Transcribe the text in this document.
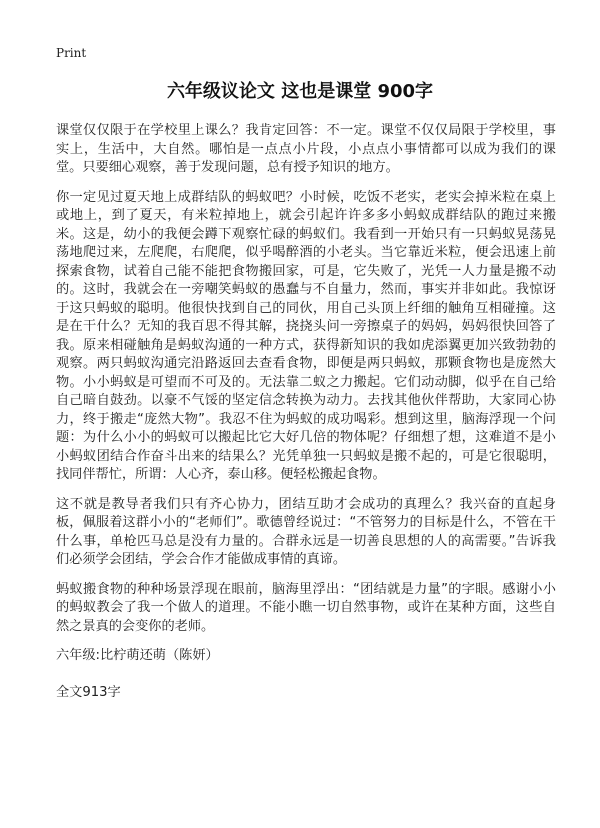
Print
六年级议论文 这也是课堂 900字

课堂仅仅限于在学校里上课么？我肯定回答：不一定。课堂不仅仅局限于学校里，事实上，生活中，大自然。哪怕是一点点小片段，小点点小事情都可以成为我们的课堂。只要细心观察，善于发现问题，总有授予知识的地方。

你一定见过夏天地上成群结队的蚂蚁吧？小时候，吃饭不老实，老实会掉米粒在桌上或地上，到了夏天，有米粒掉地上，就会引起许许多多小蚂蚁成群结队的跑过来搬米。这是，幼小的我便会蹲下观察忙碌的蚂蚁们。我看到一开始只有一只蚂蚁晃荡晃荡地爬过来，左爬爬，右爬爬，似乎喝醉酒的小老头。当它靠近米粒，便会迅速上前探索食物，试着自己能不能把食物搬回家，可是，它失败了，光凭一人力量是搬不动的。这时，我就会在一旁嘲笑蚂蚁的愚蠢与不自量力，然而，事实并非如此。我惊讶于这只蚂蚁的聪明。他很快找到自己的同伙，用自己头顶上纤细的触角互相碰撞。这是在干什么？无知的我百思不得其解，挠挠头问一旁擦桌子的妈妈，妈妈很快回答了我。原来相碰触角是蚂蚁沟通的一种方式，获得新知识的我如虎添翼更加兴致勃勃的观察。两只蚂蚁沟通完沿路返回去查看食物，即便是两只蚂蚁，那颗食物也是庞然大物。小小蚂蚁是可望而不可及的。无法靠二蚁之力搬起。它们动动脚，似乎在自己给自己暗自鼓劲。以豪不气馁的坚定信念转换为动力。去找其他伙伴帮助，大家同心协力，终于搬走“庞然大物”。我忍不住为蚂蚁的成功喝彩。想到这里，脑海浮现一个问题：为什么小小的蚂蚁可以搬起比它大好几倍的物体呢？仔细想了想，这难道不是小小蚂蚁团结合作奋斗出来的结果么？光凭单独一只蚂蚁是搬不起的，可是它很聪明，找同伴帮忙，所谓：人心齐，泰山移。便轻松搬起食物。

这不就是教导者我们只有齐心协力，团结互助才会成功的真理么？我兴奋的直起身板，佩服着这群小小的“老师们”。歌德曾经说过：“不管努力的目标是什么，不管在干什么事，单枪匹马总是没有力量的。合群永远是一切善良思想的人的高需要。”告诉我们必须学会团结，学会合作才能做成事情的真谛。

蚂蚁搬食物的种种场景浮现在眼前，脑海里浮出：“团结就是力量”的字眼。感谢小小的蚂蚁教会了我一个做人的道理。不能小瞧一切自然事物，或许在某种方面，这些自然之景真的会变你的老师。

六年级:比柠萌还萌（陈妍）

全文913字
